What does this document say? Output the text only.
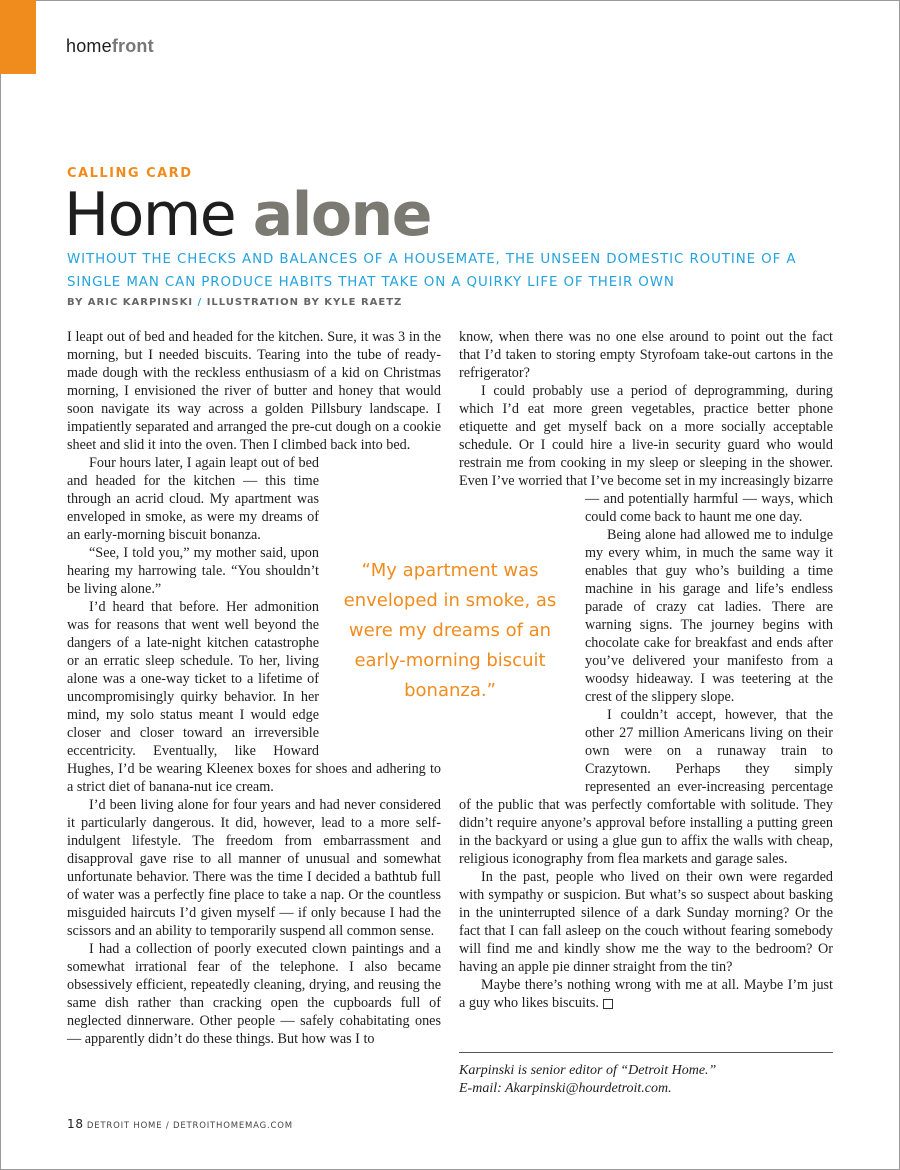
homefront
CALLING CARD
Home alone
WITHOUT THE CHECKS AND BALANCES OF A HOUSEMATE, THE UNSEEN DOMESTIC ROUTINE OF A SINGLE MAN CAN PRODUCE HABITS THAT TAKE ON A QUIRKY LIFE OF THEIR OWN
BY ARIC KARPINSKI / ILLUSTRATION BY KYLE RAETZ

I leapt out of bed and headed for the kitchen. Sure, it was 3 in the morning, but I needed biscuits. Tearing into the tube of ready-made dough with the reckless enthusiasm of a kid on Christmas morning, I envisioned the river of butter and honey that would soon navigate its way across a golden Pillsbury landscape. I impatiently separated and arranged the pre-cut dough on a cookie sheet and slid it into the oven. Then I climbed back into bed.

Four hours later, I again leapt out of bed and headed for the kitchen — this time through an acrid cloud. My apartment was enveloped in smoke, as were my dreams of an early-morning biscuit bonanza.

“See, I told you,” my mother said, upon hearing my harrowing tale. “You shouldn’t be living alone.”

I’d heard that before. Her admonition was for reasons that went well beyond the dangers of a late-night kitchen catastrophe or an erratic sleep schedule. To her, living alone was a one-way ticket to a lifetime of uncompromisingly quirky behavior. In her mind, my solo status meant I would edge closer and closer toward an irreversible eccentricity. Eventually, like Howard Hughes, I’d be wearing Kleenex boxes for shoes and adhering to a strict diet of banana-nut ice cream.

I’d been living alone for four years and had never considered it particularly dangerous. It did, however, lead to a more self-indulgent lifestyle. The freedom from embarrassment and disapproval gave rise to all manner of unusual and somewhat unfortunate behavior. There was the time I decided a bathtub full of water was a perfectly fine place to take a nap. Or the countless misguided haircuts I’d given myself — if only because I had the scissors and an ability to temporarily suspend all common sense.

I had a collection of poorly executed clown paintings and a somewhat irrational fear of the telephone. I also became obsessively efficient, repeatedly cleaning, drying, and reusing the same dish rather than cracking open the cupboards full of neglected dinnerware. Other people — safely cohabitating ones — apparently didn’t do these things. But how was I to

know, when there was no one else around to point out the fact that I’d taken to storing empty Styrofoam take-out cartons in the refrigerator?

I could probably use a period of deprogramming, during which I’d eat more green vegetables, practice better phone etiquette and get myself back on a more socially acceptable schedule. Or I could hire a live-in security guard who would restrain me from cooking in my sleep or sleeping in the shower. Even I’ve worried that I’ve become set in my increasingly
bizarre — and potentially harmful — ways, which could come back to haunt me one day.

Being alone had allowed me to indulge my every whim, in much the same way it enables that guy who’s building a time machine in his garage and life’s endless parade of crazy cat ladies. There are warning signs. The journey begins with chocolate cake for breakfast and ends after you’ve delivered your manifesto from a woodsy hideaway. I was teetering at the crest of the slippery slope.

I couldn’t accept, however, that the other 27 million Americans living on their own were on a runaway train to Crazytown. Perhaps they simply represented an ever-increasing percentage of the public that was perfectly comfortable with solitude. They didn’t require anyone’s approval before installing a putting green in the backyard or using a glue gun to affix the walls with cheap, religious iconography from flea markets and garage sales.

In the past, people who lived on their own were regarded with sympathy or suspicion. But what’s so suspect about basking in the uninterrupted silence of a dark Sunday morning? Or the fact that I can fall asleep on the couch without fearing somebody will find me and kindly show me the way to the bedroom? Or having an apple pie dinner straight from the tin?

Maybe there’s nothing wrong with me at all. Maybe I’m just a guy who likes biscuits.

“My apartment was enveloped in smoke, as were my dreams of an early-morning biscuit bonanza.”
Karpinski is senior editor of “Detroit Home.”
E-mail: Akarpinski@hourdetroit.com.
18 DETROIT HOME / DETROITHOMEMAG.COM
